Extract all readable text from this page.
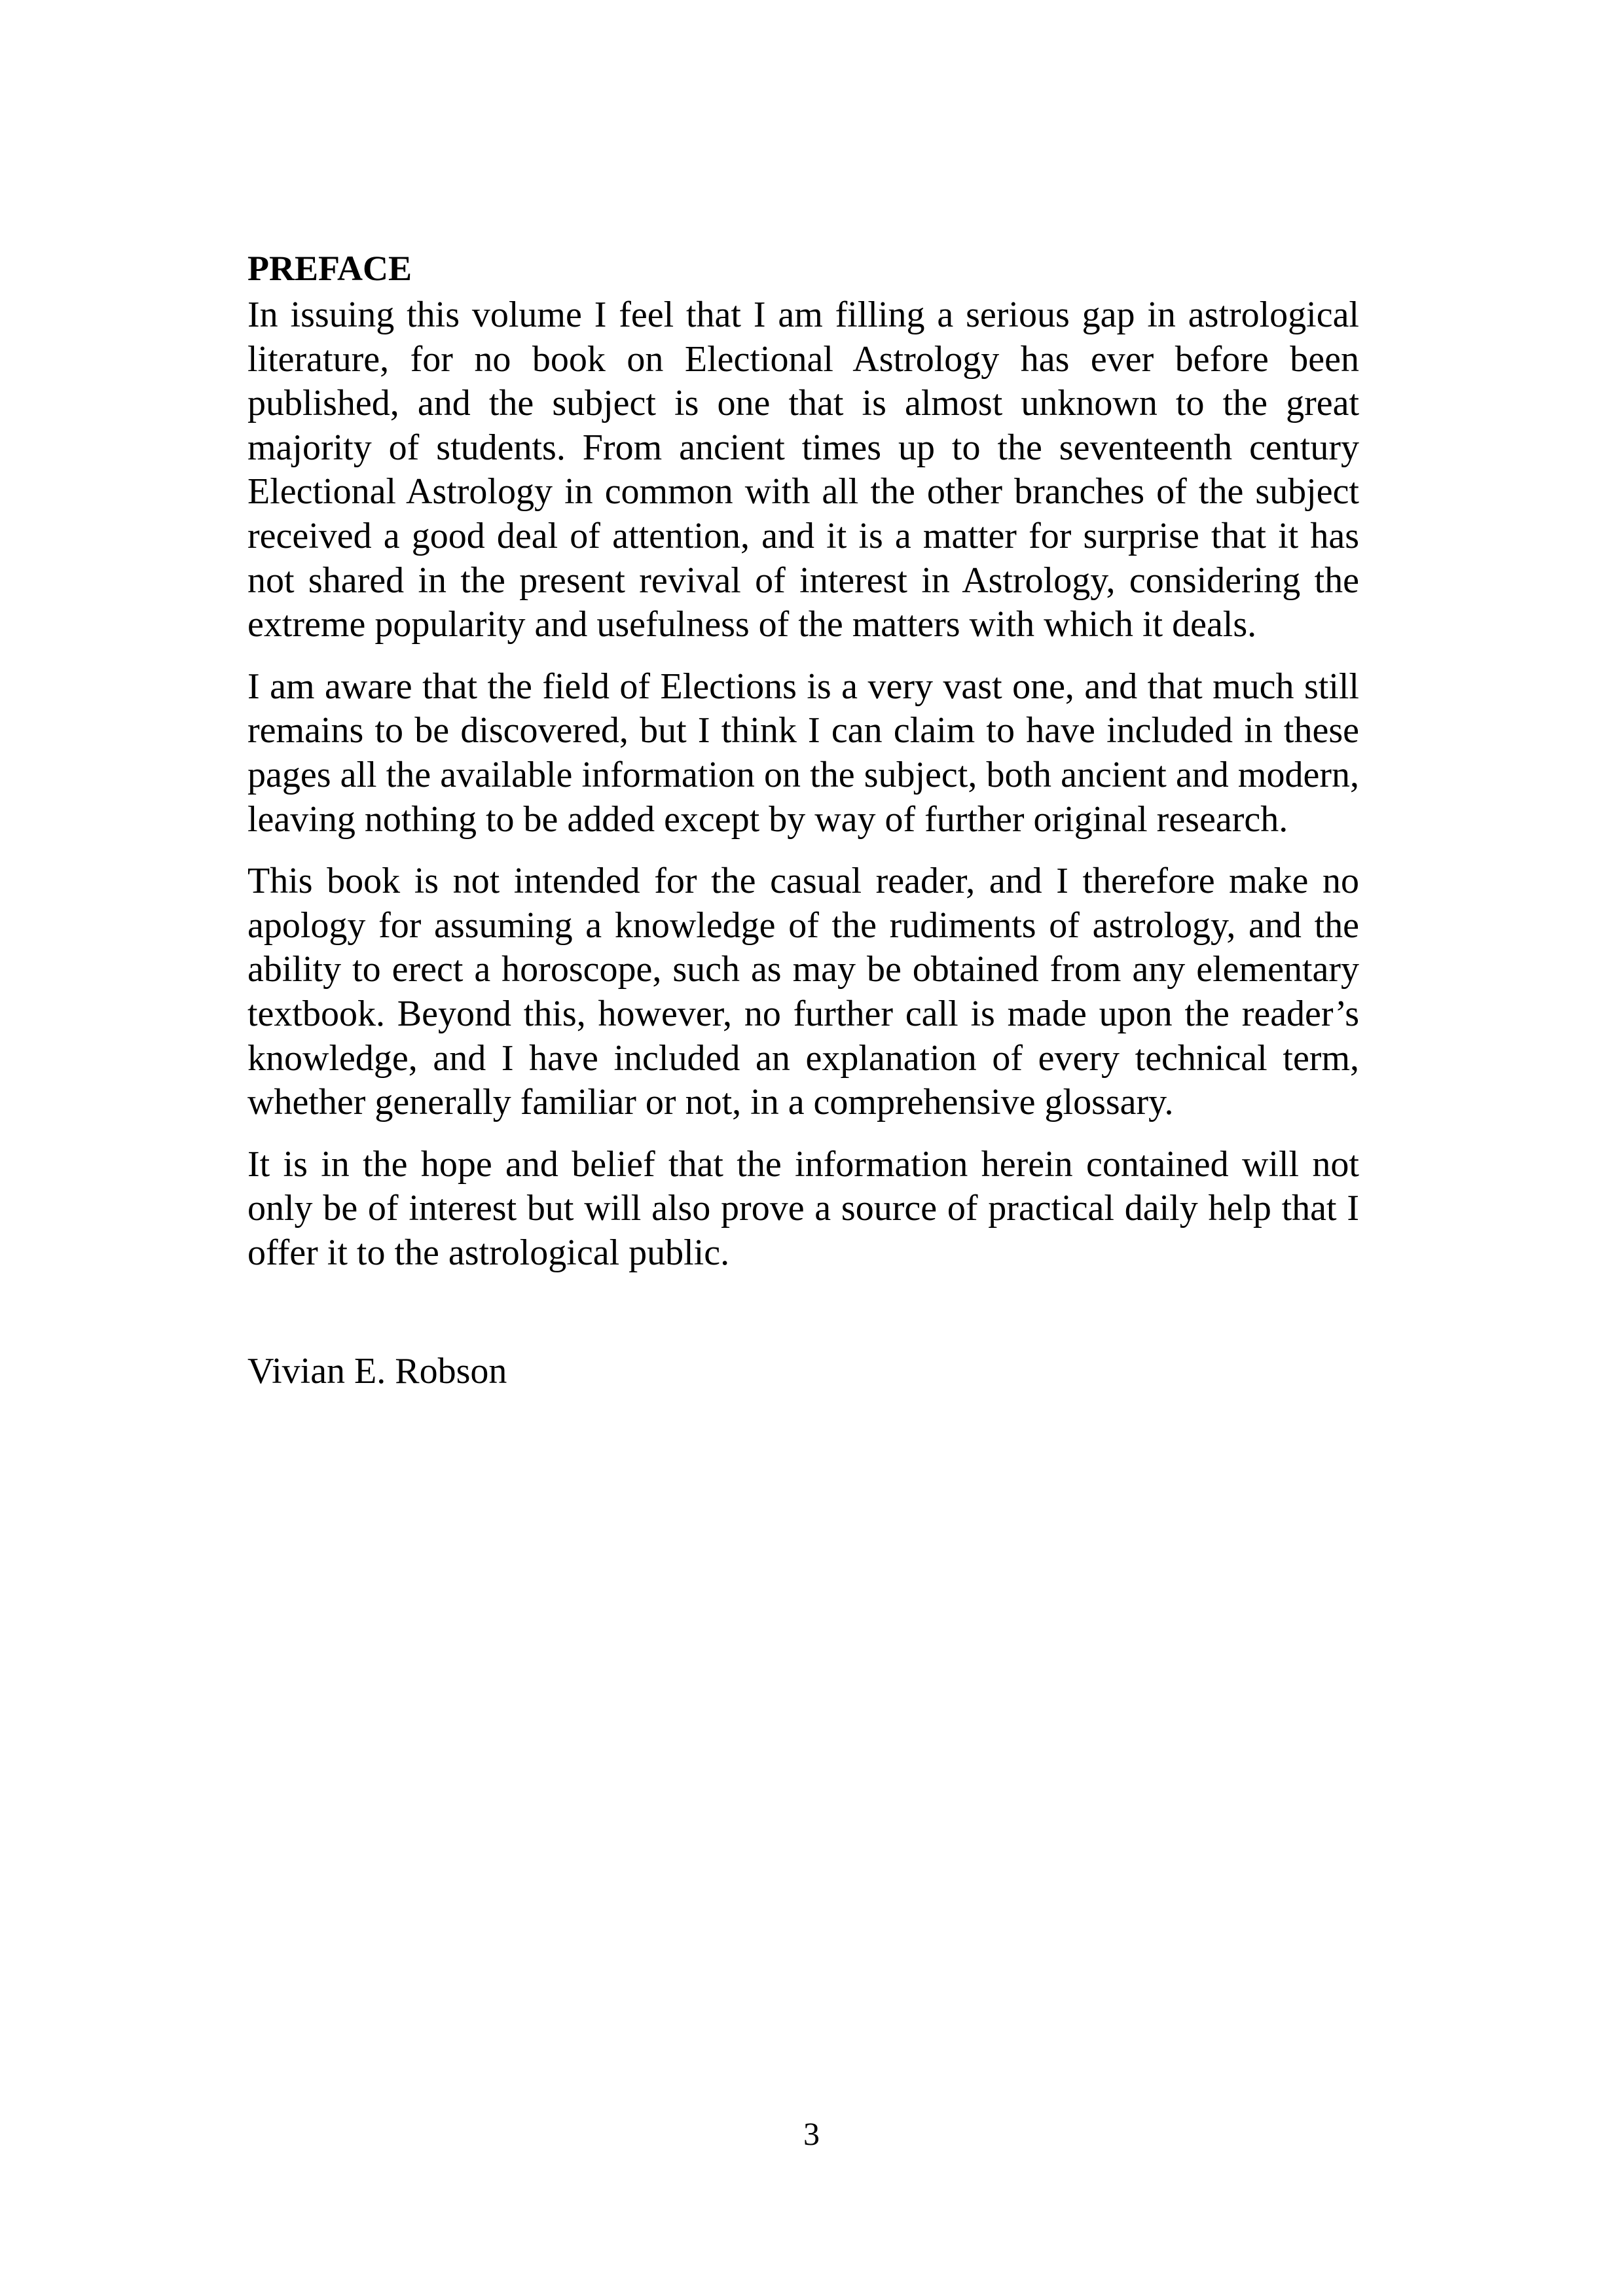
PREFACE

In issuing this volume I feel that I am filling a serious gap in astrological literature, for no book on Electional Astrology has ever before been published, and the subject is one that is almost unknown to the great majority of students. From ancient times up to the seventeenth century Electional Astrology in common with all the other branches of the subject received a good deal of attention, and it is a matter for surprise that it has not shared in the present revival of interest in Astrology, considering the extreme popularity and usefulness of the matters with which it deals.

I am aware that the field of Elections is a very vast one, and that much still remains to be discovered, but I think I can claim to have included in these pages all the available information on the subject, both ancient and modern, leaving nothing to be added except by way of further original research.

This book is not intended for the casual reader, and I therefore make no apology for assuming a knowledge of the rudiments of astrology, and the ability to erect a horoscope, such as may be obtained from any elementary textbook. Beyond this, however, no further call is made upon the reader’s knowledge, and I have included an explanation of every technical term, whether generally familiar or not, in a comprehensive glossary.

It is in the hope and belief that the information herein contained will not only be of interest but will also prove a source of practical daily help that I offer it to the astrological public.

Vivian E. Robson
3
